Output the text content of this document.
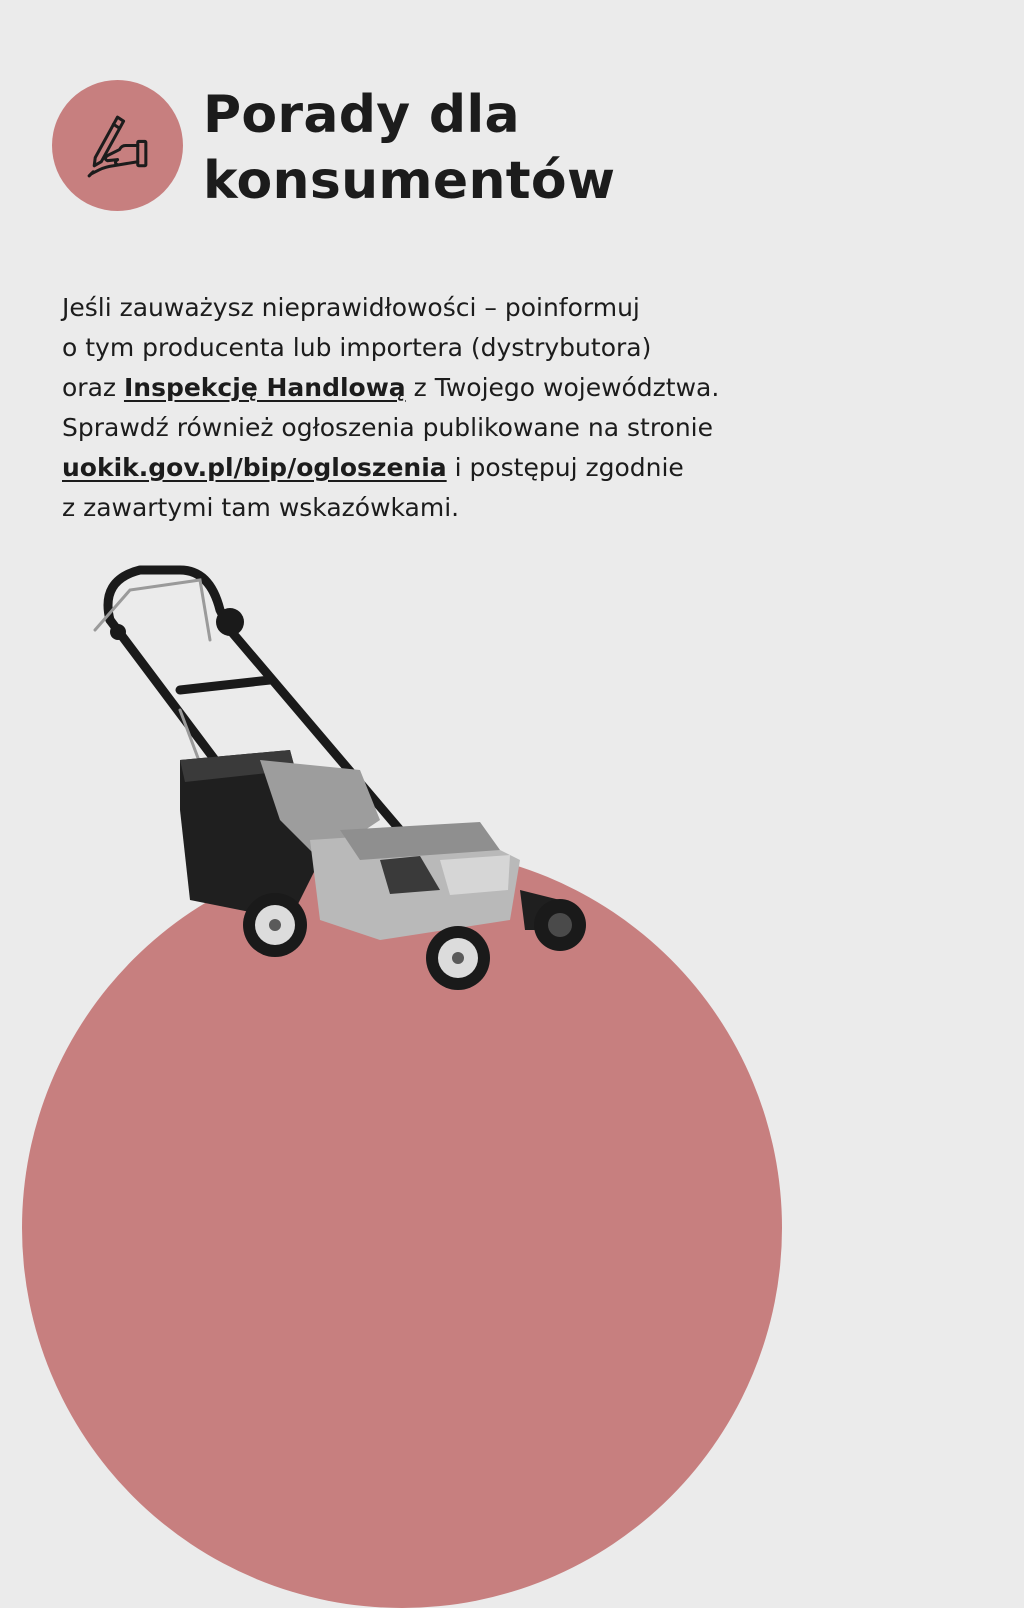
Porady dla
konsumentów

Jeśli zauważysz nieprawidłowości – poinformuj
o tym producenta lub importera (dystrybutora)
oraz Inspekcję Handlową z Twojego województwa.
Sprawdź również ogłoszenia publikowane na stronie
uokik.gov.pl/bip/ogloszenia i postępuj zgodnie
z zawartymi tam wskazówkami.
